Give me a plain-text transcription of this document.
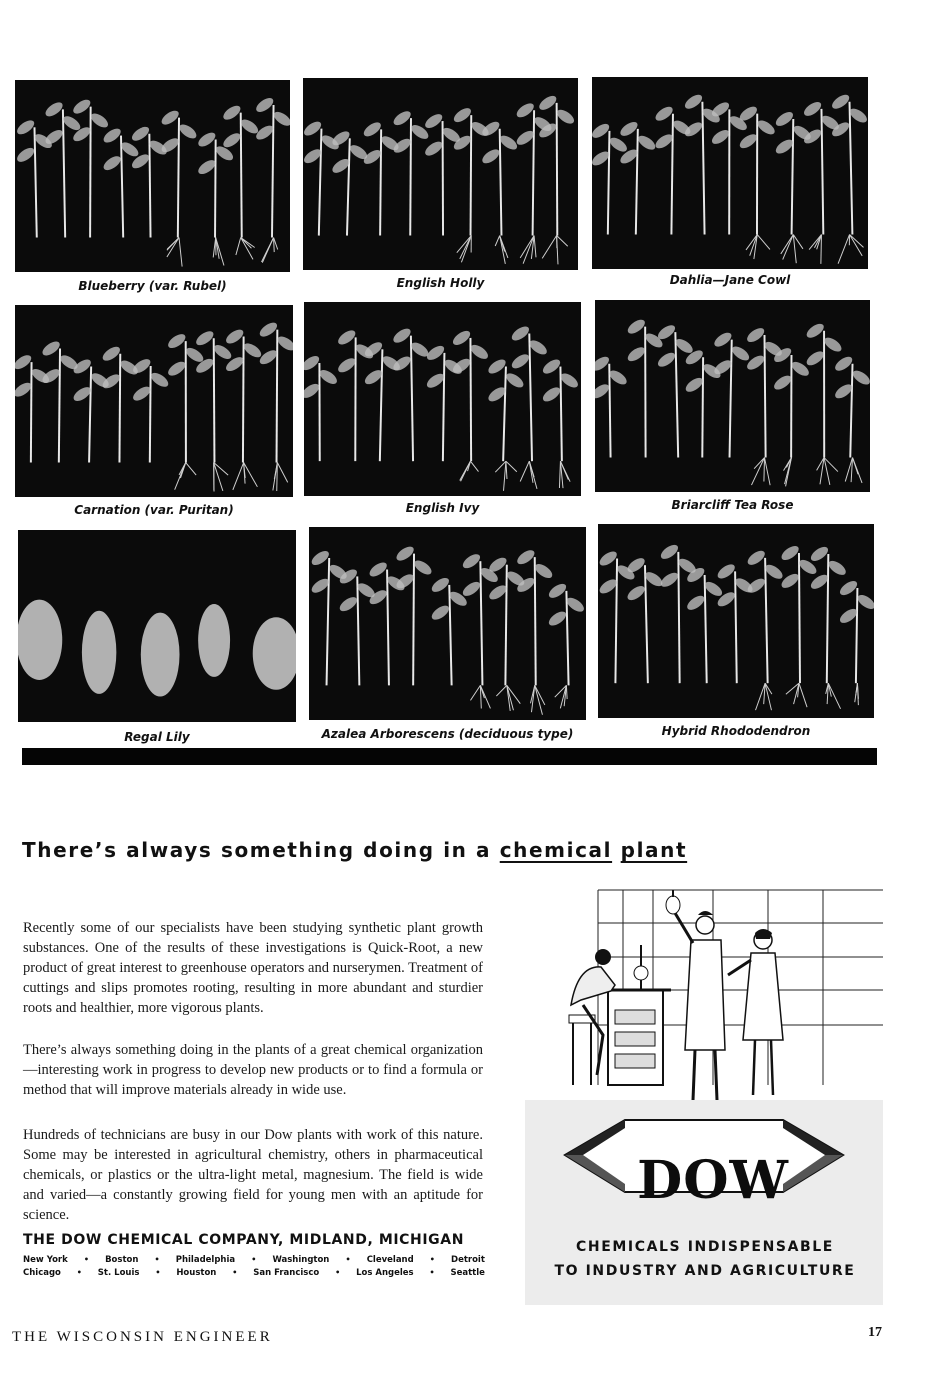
Blueberry (var. Rubel)	English Holly	Dahlia—Jane Cowl
Carnation (var. Puritan)	English Ivy	Briarcliff Tea Rose
Regal Lily	Azalea Arborescens (deciduous type)	Hybrid Rhododendron
There’s always something doing in a chemical plant
Recently some of our specialists have been studying synthetic plant growth substances. One of the results of these investigations is Quick-Root, a new product of great interest to greenhouse operators and nurserymen. Treatment of cuttings and slips promotes rooting, resulting in more abundant and sturdier roots and healthier, more vigorous plants.
There’s always something doing in the plants of a great chemical organization—interesting work in progress to develop new products or to find a formula or method that will improve materials already in wide use.
Hundreds of technicians are busy in our Dow plants with work of this nature. Some may be interested in agricultural chemistry, others in pharmaceutical chemicals, or plastics or the ultra-light metal, magnesium. The field is wide and varied—a constantly growing field for young men with an aptitude for science.
THE DOW CHEMICAL COMPANY, MIDLAND, MICHIGAN
New York • Boston • Philadelphia • Washington • Cleveland • Detroit
Chicago • St. Louis • Houston • San Francisco • Los Angeles • Seattle
DOW
CHEMICALS INDISPENSABLE
TO INDUSTRY AND AGRICULTURE
THE WISCONSIN ENGINEER	17
